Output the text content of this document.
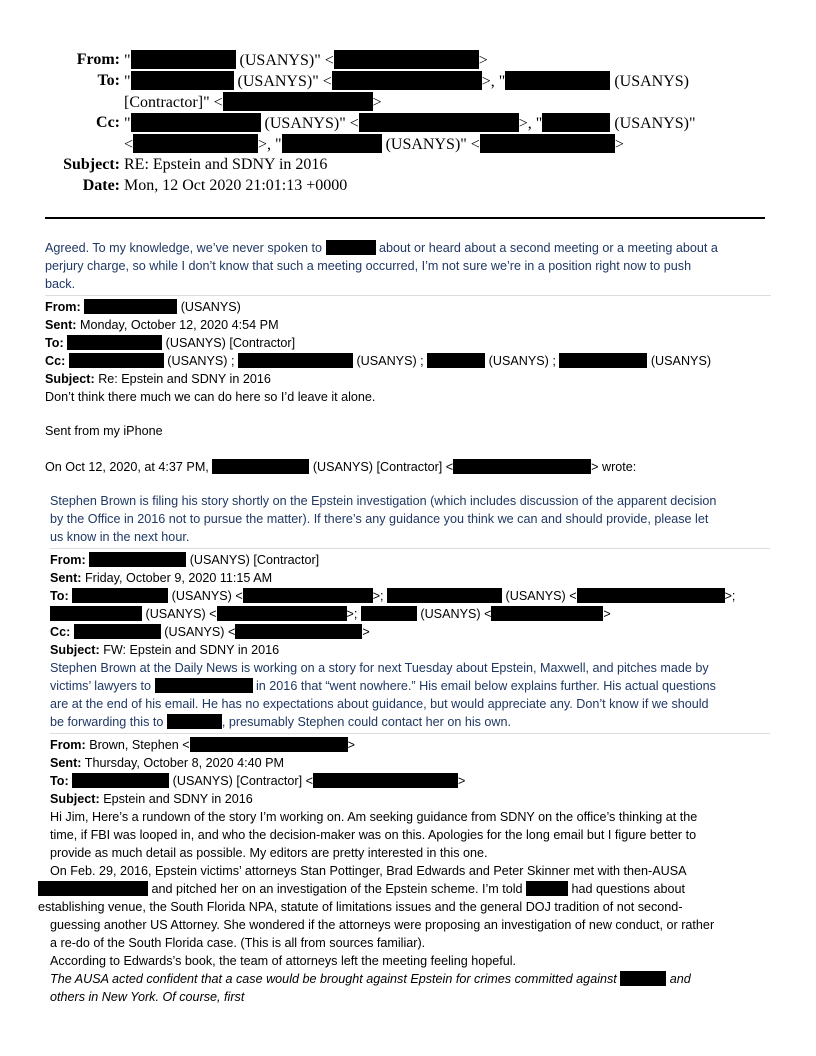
From: "	(USANYS)" <	>
To: "	(USANYS)" <	>, "	(USANYS)
[Contractor]" <	>
Cc: "	(USANYS)" <	>, "	(USANYS)"
<	>, "	(USANYS)" <	>
Subject: RE: Epstein and SDNY in 2016
Date: Mon, 12 Oct 2020 21:01:13 +0000
Agreed. To my knowledge, we’ve never spoken to	about or heard about a second meeting or a meeting about a
perjury charge, so while I don’t know that such a meeting occurred, I’m not sure we’re in a position right now to push
back.
From:	(USANYS)
Sent: Monday, October 12, 2020 4:54 PM
To:	(USANYS) [Contractor]
Cc:	(USANYS) ;	(USANYS) ;	(USANYS) ;	(USANYS)
Subject: Re: Epstein and SDNY in 2016
Don’t think there much we can do here so I’d leave it alone.
Sent from my iPhone
On Oct 12, 2020, at 4:37 PM,	(USANYS) [Contractor] <	> wrote:
Stephen Brown is filing his story shortly on the Epstein investigation (which includes discussion of the apparent decision
by the Office in 2016 not to pursue the matter). If there’s any guidance you think we can and should provide, please let
us know in the next hour.
From:	(USANYS) [Contractor]
Sent: Friday, October 9, 2020 11:15 AM
To:	(USANYS) <	>;	(USANYS) <	>;
(USANYS) <	>;	(USANYS) <	>
Cc:	(USANYS) <	>
Subject: FW: Epstein and SDNY in 2016
Stephen Brown at the Daily News is working on a story for next Tuesday about Epstein, Maxwell, and pitches made by
victims’ lawyers to	in 2016 that “went nowhere.” His email below explains further. His actual questions
are at the end of his email. He has no expectations about guidance, but would appreciate any. Don’t know if we should
be forwarding this to	, presumably Stephen could contact her on his own.
From: Brown, Stephen <	>
Sent: Thursday, October 8, 2020 4:40 PM
To:	(USANYS) [Contractor] <	>
Subject: Epstein and SDNY in 2016
Hi Jim, Here’s a rundown of the story I’m working on. Am seeking guidance from SDNY on the office’s thinking at the
time, if FBI was looped in, and who the decision-maker was on this. Apologies for the long email but I figure better to
provide as much detail as possible. My editors are pretty interested in this one.
On Feb. 29, 2016, Epstein victims’ attorneys Stan Pottinger, Brad Edwards and Peter Skinner met with then-AUSA
and pitched her on an investigation of the Epstein scheme. I’m told	had questions about
establishing venue, the South Florida NPA, statute of limitations issues and the general DOJ tradition of not second-
guessing another US Attorney. She wondered if the attorneys were proposing an investigation of new conduct, or rather
a re-do of the South Florida case. (This is all from sources familiar).
According to Edwards’s book, the team of attorneys left the meeting feeling hopeful.
The AUSA acted confident that a case would be brought against Epstein for crimes committed against	and
others in New York. Of course, first
